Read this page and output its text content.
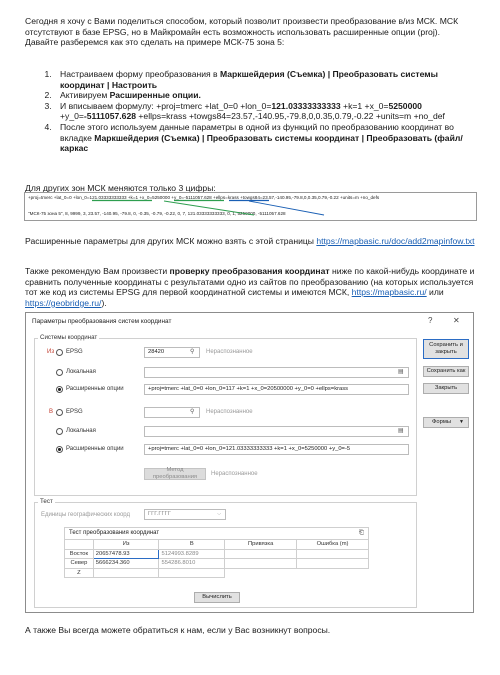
Сегодня я хочу с Вами поделиться способом, который позволит произвести преобразование в/из МСК. МСК отсутствуют в базе EPSG, но в Майкромайн есть возможность использовать расширенные опции (proj).
Давайте разберемся как это сделать на примере МСК-75 зона 5:
1. Настраиваем форму преобразования в Маркшейдерия (Съемка) | Преобразовать системы координат | Настроить
2. Активируем Расширенные опции.
3. И вписываем формулу: +proj=tmerc +lat_0=0 +lon_0=121.03333333333 +k=1 +x_0=5250000 +y_0=-5111057.628 +ellps=krass +towgs84=23.57,-140.95,-79.8,0,0.35,0.79,-0.22 +units=m +no_def
4. После этого используем данные параметры в одной из функций по преобразованию координат во вкладке Маркшейдерия (Съемка) | Преобразовать системы координат | Преобразовать (файл/каркас
Для других зон МСК меняются только 3 цифры:
+proj=tmerc +lat_0=0 +lon_0=121.03333333333 +k=1 +x_0=5250000 +y_0=-5111057.628 +ellps=krass +towgs84=23.57,-140.95,-79.8,0,0.35,0.79,-0.22 +units=m +no_defs
"МСК-75 зона 5", 8, 9999, 3, 23.57, -140.95, -79.8, 0, -0.35, -0.79, -0.22, 0, 7, 121.03333333333, 0, 1, 5250000, -5111057.628
Расширенные параметры для других МСК можно взять с этой страницы https://mapbasic.ru/doc/add2mapinfow.txt
Также рекомендую Вам произвести проверку преобразования координат ниже по какой-нибудь координате и сравнить полученные координаты с результатами одно из сайтов по преобразованию (на которых используется тот же код из системы EPSG для первой координатной системы и имеются МСК, https://mapbasic.ru/ или https://geobridge.ru/).
Параметры преобразования систем координат	?	✕
Сохранить и закрыть
Сохранить как
Закрыть
Формы ▼
Системы координат
Из EPSG	28420	⚲ Нераспознанное
Локальная	▤
Расширенные опции	+proj=tmerc +lat_0=0 +lon_0=117 +k=1 +x_0=20500000 +y_0=0 +ellps=krass
В EPSG	⚲ Нераспознанное
Локальная	▤
Расширенные опции	+proj=tmerc +lat_0=0 +lon_0=121.03333333333 +k=1 +x_0=5250000 +y_0=-5
Метод преобразования	Нераспознанное
Тест
Единицы географических коорд	ГГГ.ГГГГ	⌵
Тест преобразования координат	⎗
	Из	В	Привязка	Ошибка (m)
Восток	20657478.93	5124993.8289		
Север	5666234.360	554286.8010		
Z				
Вычислить
А также Вы всегда можете обратиться к нам, если у Вас возникнут вопросы.
